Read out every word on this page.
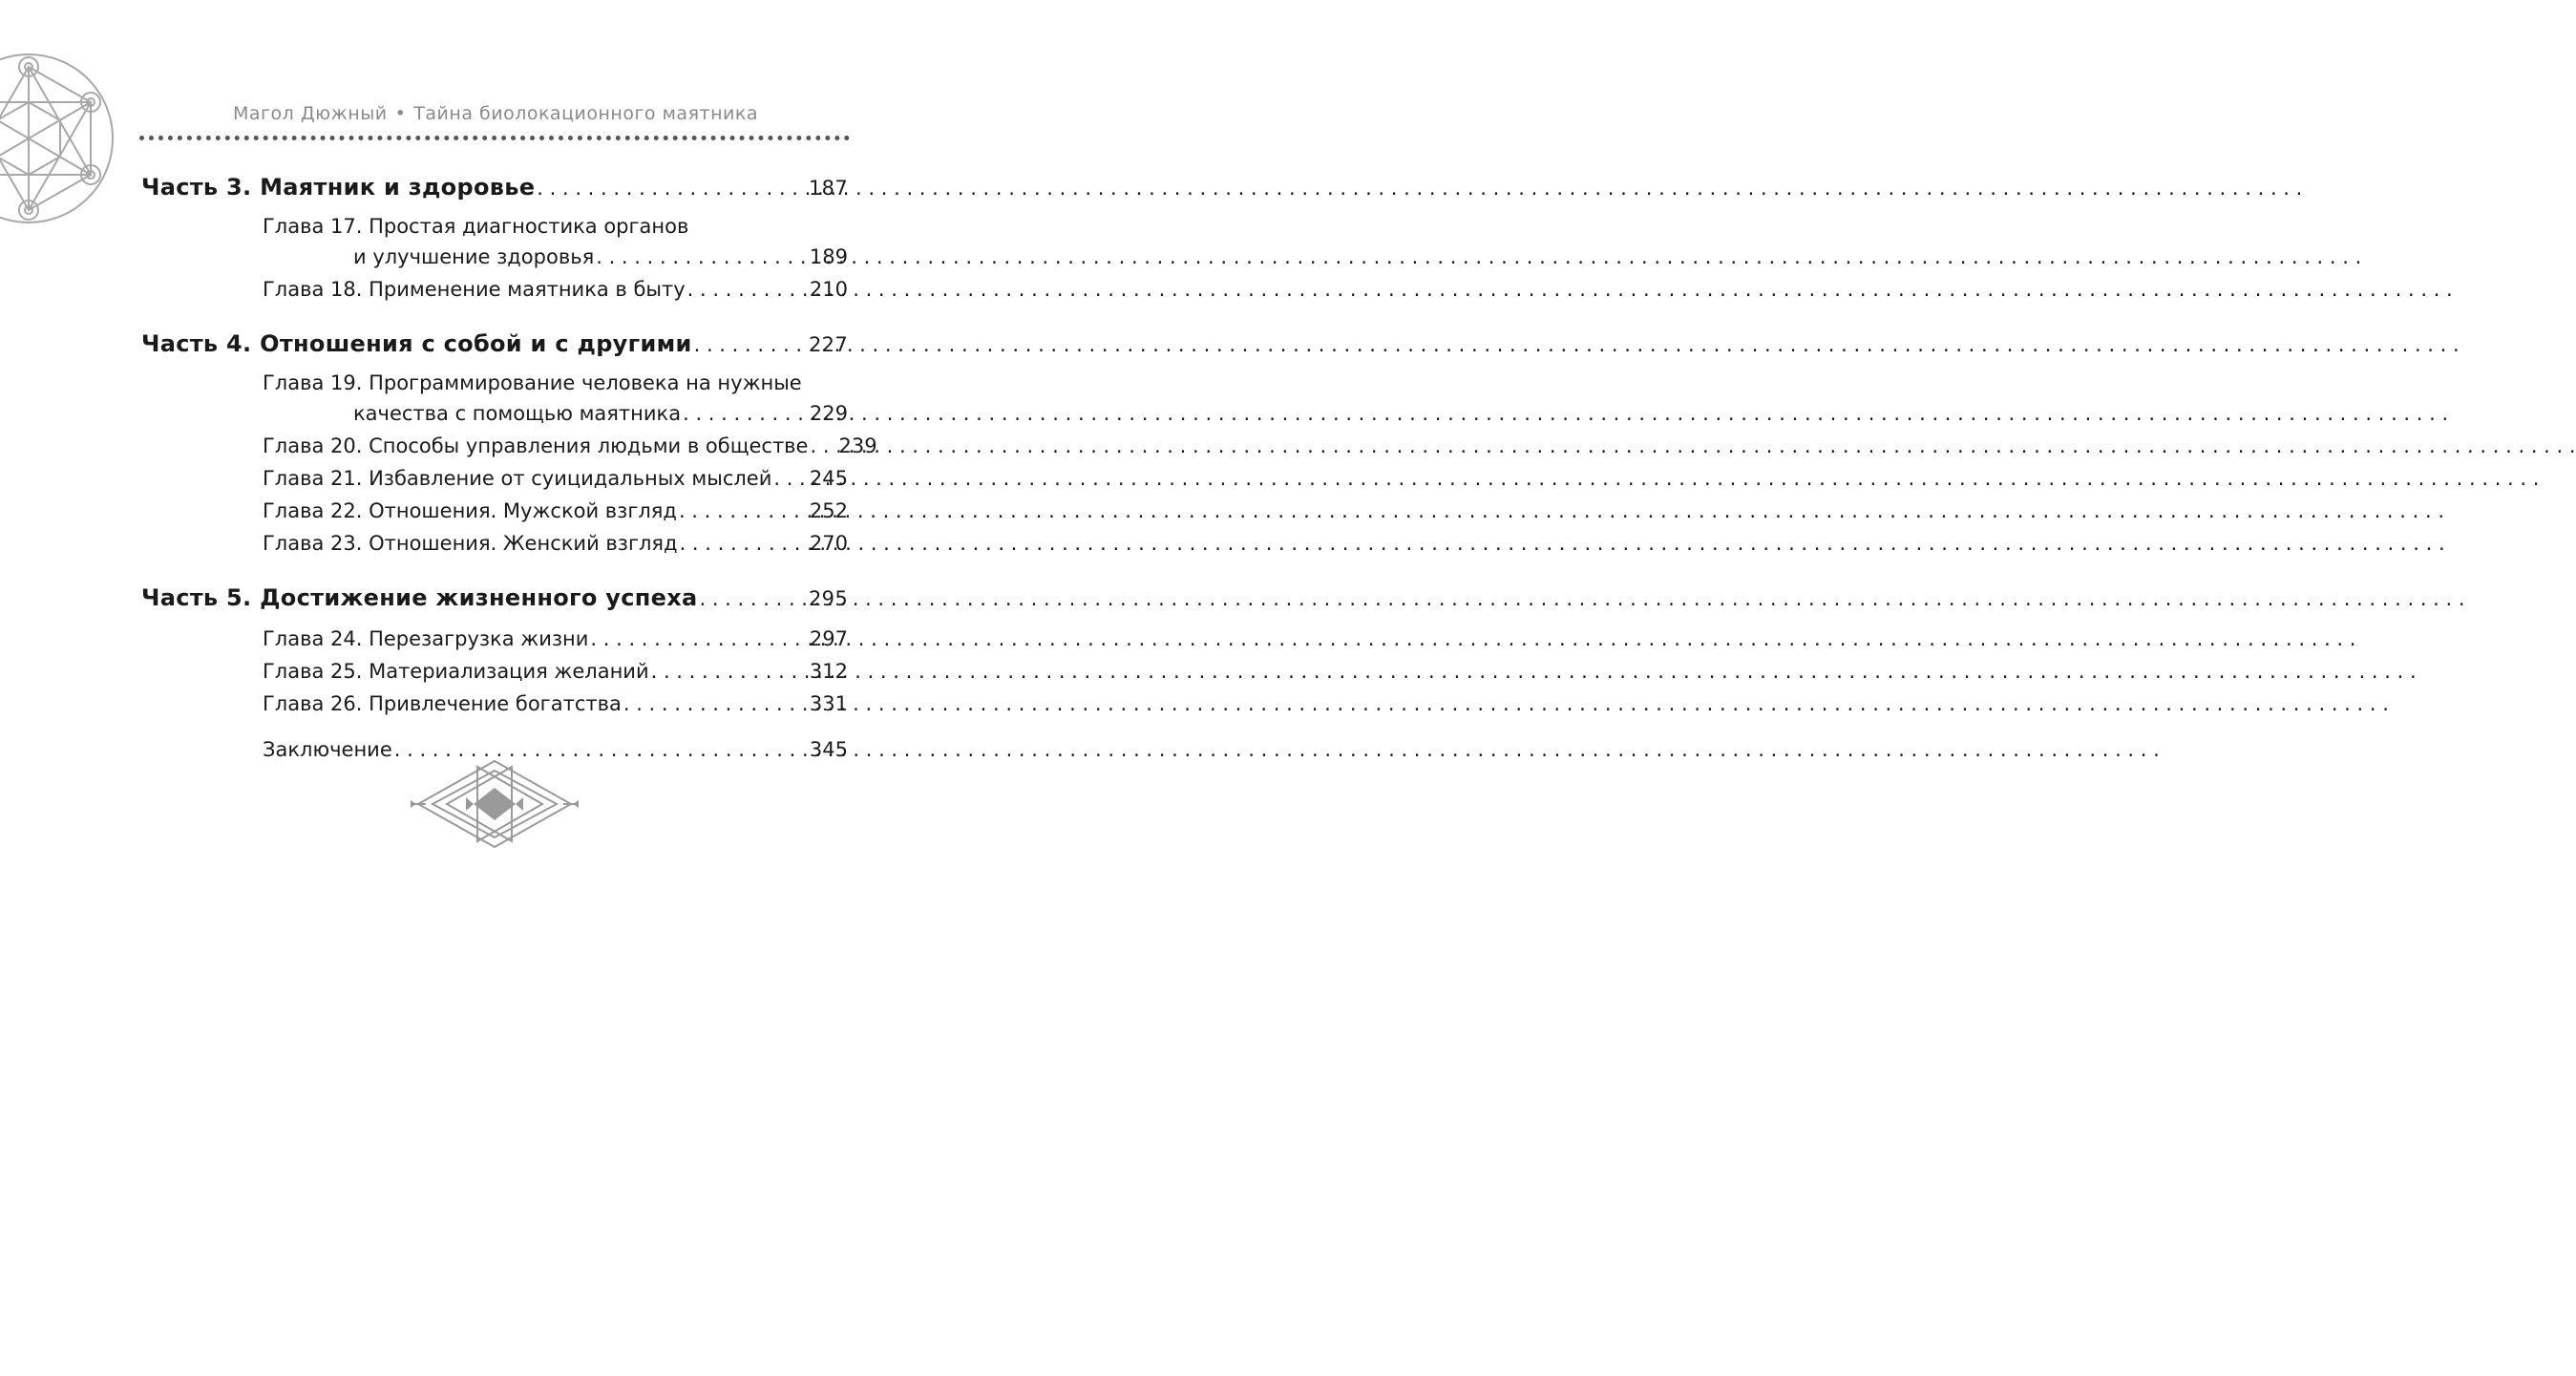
Магол Дюжный • Тайна биолокационного маятника
Часть 3. Маятник и здоровье . . .	187
Глава 17. Простая диагностика органов
и улучшение здоровья . . .	189
Глава 18. Применение маятника в быту . . .	210
Часть 4. Отношения с собой и с другими . . .	227
Глава 19. Программирование человека на нужные
качества с помощью маятника . . .	229
Глава 20. Способы управления людьми в обществе . . . 239
Глава 21. Избавление от суицидальных мыслей . . . 245
Глава 22. Отношения. Мужской взгляд . . .	252
Глава 23. Отношения. Женский взгляд . . .	270
Часть 5. Достижение жизненного успеха . . .	295
Глава 24. Перезагрузка жизни . . .	297
Глава 25. Материализация желаний . . .	312
Глава 26. Привлечение богатства . . .	331
Заключение . . .	345
